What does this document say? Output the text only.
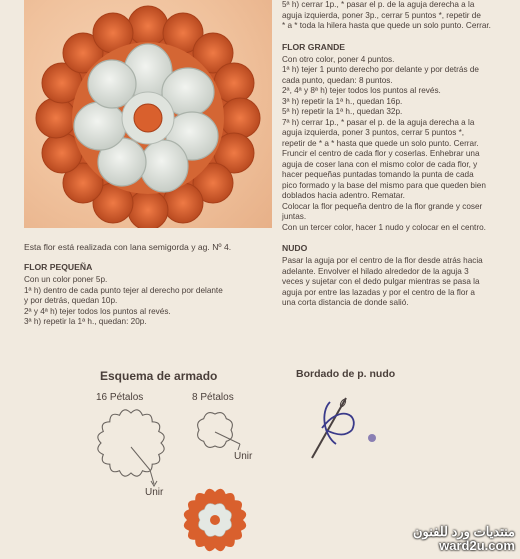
Esta flor está realizada con lana semigorda y ag. Nº 4.
FLOR PEQUEÑA
Con un color poner 5p.
1ª h) dentro de cada punto tejer al derecho por delante
y por detrás, quedan 10p.
2ª y 4ª h) tejer todos los puntos al revés.
3ª h) repetir la 1ª h., quedan: 20p.
5ª h) cerrar 1p., * pasar el p. de la aguja derecha a la
aguja izquierda, poner 3p., cerrar 5 puntos *, repetir de
* a * toda la hilera hasta que quede un solo punto. Cerrar.
FLOR GRANDE
Con otro color, poner 4 puntos.
1ª h) tejer 1 punto derecho por delante y por detrás de
cada punto, quedan: 8 puntos.
2ª, 4ª y 8ª h) tejer todos los puntos al revés.
3ª h) repetir la 1ª h., quedan 16p.
5ª h) repetir la 1ª h., quedan 32p.
7ª h) cerrar 1p., * pasar el p. de la aguja derecha a la
aguja izquierda, poner 3 puntos, cerrar 5 puntos *,
repetir de * a * hasta que quede un solo punto. Cerrar.
Fruncir el centro de cada flor y coserlas. Enhebrar una
aguja de coser lana con el mismo color de cada flor, y
hacer pequeñas puntadas tomando la punta de cada
pico formado y la base del mismo para que queden bien
doblados hacia adentro. Rematar.
Colocar la flor pequeña dentro de la flor grande y coser
juntas.
Con un tercer color, hacer 1 nudo y colocar en el centro.
NUDO
Pasar la aguja por el centro de la flor desde atrás hacia
adelante. Envolver el hilado alrededor de la aguja 3
veces y sujetar con el dedo pulgar mientras se pasa la
aguja por entre las lazadas y por el centro de la flor a
una corta distancia de donde salió.
Esquema de armado
16 Pétalos	8 Pétalos
Unir
Unir
Bordado de p. nudo
منتديات ورد للفنون
ward2u.com
